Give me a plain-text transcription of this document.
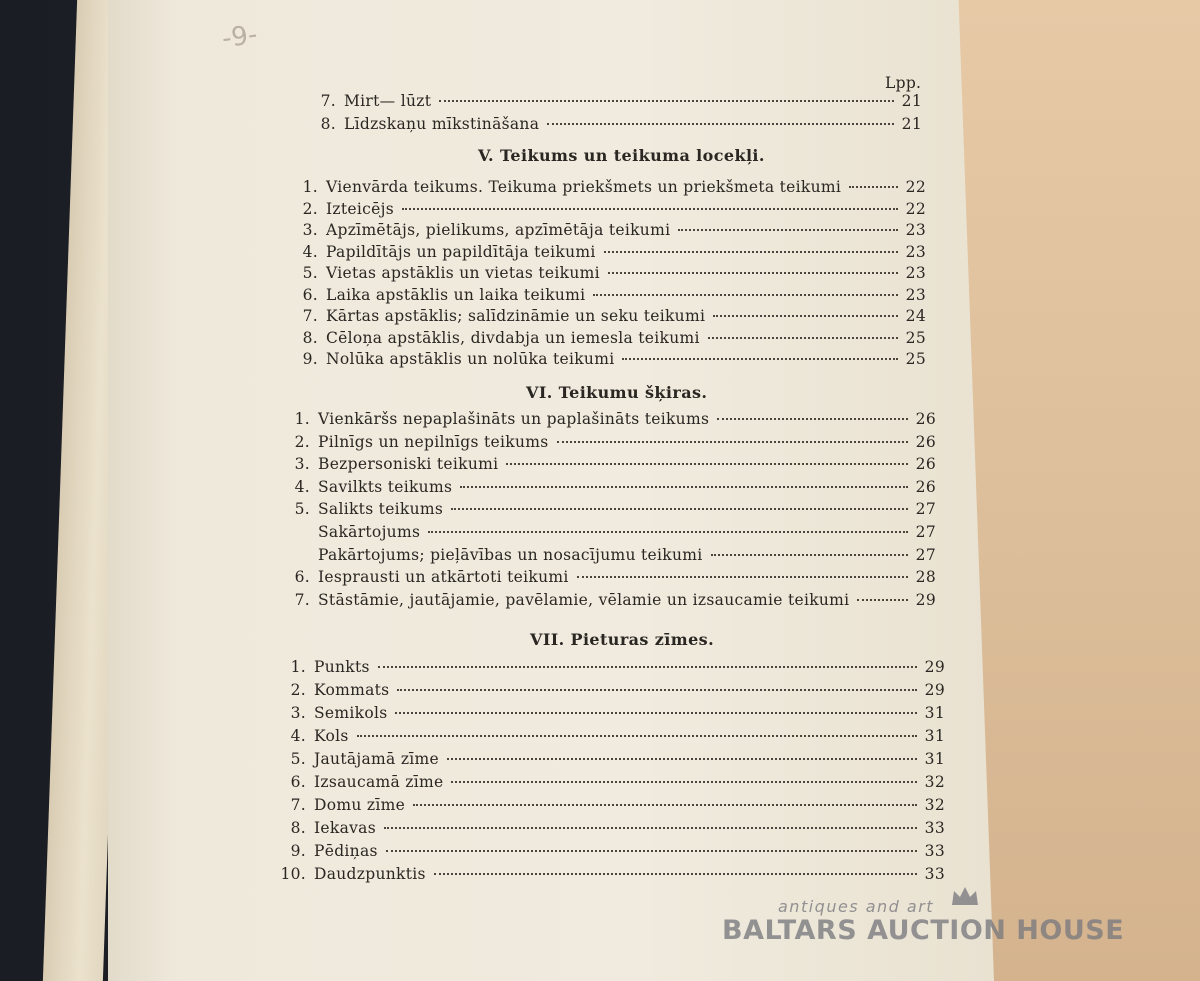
-9-
Lpp.
7. Mirt— lūzt	21
8. Līdzskaņu mīkstināšana	21
V. Teikums un teikuma locekļi.
1. Vienvārda teikums. Teikuma priekšmets un priekšmeta teikumi	22
2. Izteicējs	22
3. Apzīmētājs, pielikums, apzīmētāja teikumi	23
4. Papildītājs un papildītāja teikumi	23
5. Vietas apstāklis un vietas teikumi	23
6. Laika apstāklis un laika teikumi	23
7. Kārtas apstāklis; salīdzināmie un seku teikumi	24
8. Cēloņa apstāklis, divdabja un iemesla teikumi	25
9. Nolūka apstāklis un nolūka teikumi	25
VI. Teikumu šķiras.
1. Vienkāršs nepaplašināts un paplašināts teikums	26
2. Pilnīgs un nepilnīgs teikums	26
3. Bezpersoniski teikumi	26
4. Savilkts teikums	26
5. Salikts teikums	27
Sakārtojums	27
Pakārtojums; pieļāvības un nosacījumu teikumi	27
6. Iesprausti un atkārtoti teikumi	28
7. Stāstāmie, jautājamie, pavēlamie, vēlamie un izsaucamie teikumi	29
VII. Pieturas zīmes.
1. Punkts	29
2. Kommats	29
3. Semikols	31
4. Kols	31
5. Jautājamā zīme	31
6. Izsaucamā zīme	32
7. Domu zīme	32
8. Iekavas	33
9. Pēdiņas	33
10. Daudzpunktis	33
antiques and art
BALTARS AUCTION HOUSE
